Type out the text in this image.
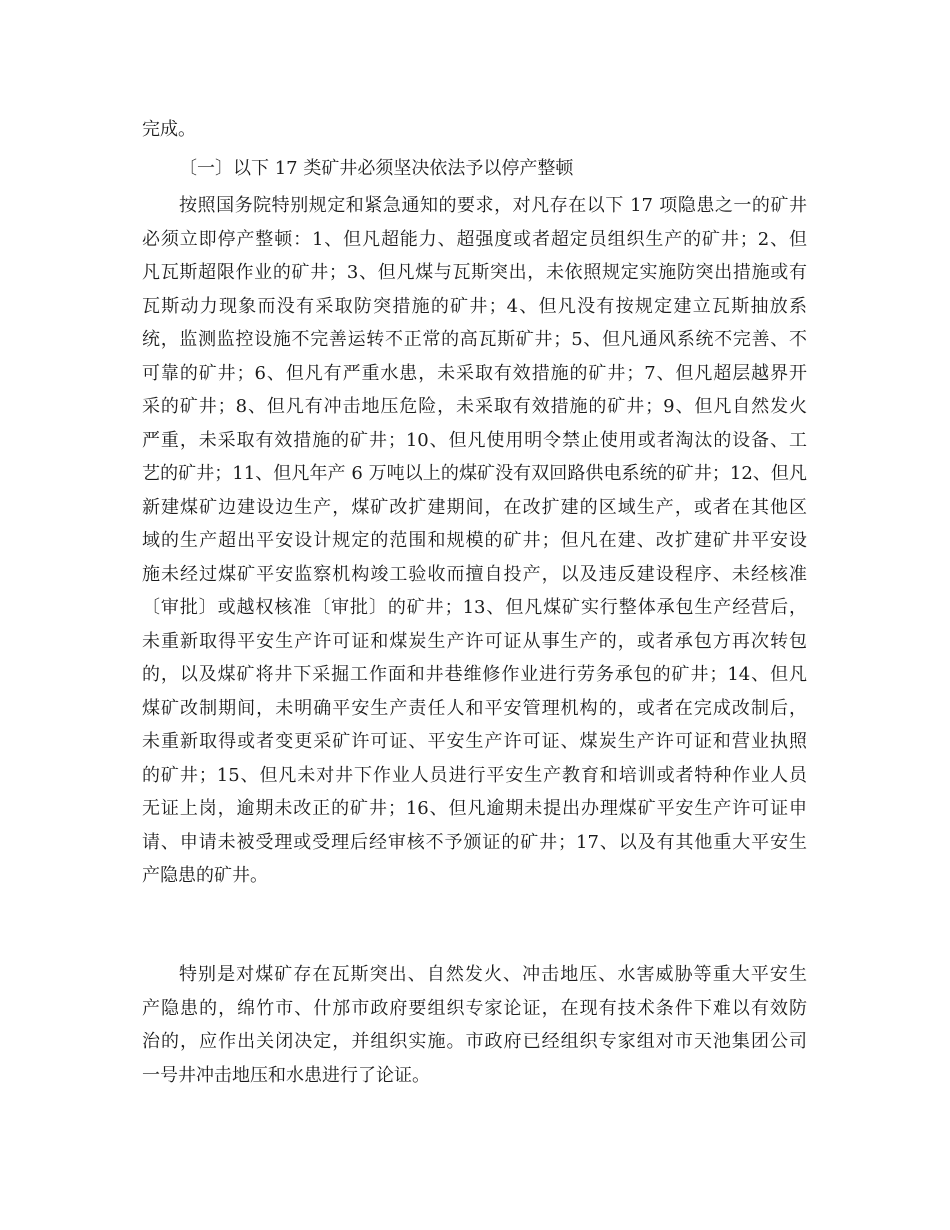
完成。
〔一〕以下 17 类矿井必须坚决依法予以停产整顿
按照国务院特别规定和紧急通知的要求，对凡存在以下 17 项隐患之一的矿井
必须立即停产整顿：1、但凡超能力、超强度或者超定员组织生产的矿井；2、但
凡瓦斯超限作业的矿井；3、但凡煤与瓦斯突出，未依照规定实施防突出措施或有
瓦斯动力现象而没有采取防突措施的矿井；4、但凡没有按规定建立瓦斯抽放系
统，监测监控设施不完善运转不正常的高瓦斯矿井；5、但凡通风系统不完善、不
可靠的矿井；6、但凡有严重水患，未采取有效措施的矿井；7、但凡超层越界开
采的矿井；8、但凡有冲击地压危险，未采取有效措施的矿井；9、但凡自然发火
严重，未采取有效措施的矿井；10、但凡使用明令禁止使用或者淘汰的设备、工
艺的矿井；11、但凡年产 6 万吨以上的煤矿没有双回路供电系统的矿井；12、但凡
新建煤矿边建设边生产，煤矿改扩建期间，在改扩建的区域生产，或者在其他区
域的生产超出平安设计规定的范围和规模的矿井；但凡在建、改扩建矿井平安设
施未经过煤矿平安监察机构竣工验收而擅自投产，以及违反建设程序、未经核准
〔审批〕或越权核准〔审批〕的矿井；13、但凡煤矿实行整体承包生产经营后，
未重新取得平安生产许可证和煤炭生产许可证从事生产的，或者承包方再次转包
的，以及煤矿将井下采掘工作面和井巷维修作业进行劳务承包的矿井；14、但凡
煤矿改制期间，未明确平安生产责任人和平安管理机构的，或者在完成改制后，
未重新取得或者变更采矿许可证、平安生产许可证、煤炭生产许可证和营业执照
的矿井；15、但凡未对井下作业人员进行平安生产教育和培训或者特种作业人员
无证上岗，逾期未改正的矿井；16、但凡逾期未提出办理煤矿平安生产许可证申
请、申请未被受理或受理后经审核不予颁证的矿井；17、以及有其他重大平安生
产隐患的矿井。
特别是对煤矿存在瓦斯突出、自然发火、冲击地压、水害威胁等重大平安生
产隐患的，绵竹市、什邡市政府要组织专家论证，在现有技术条件下难以有效防
治的，应作出关闭决定，并组织实施。市政府已经组织专家组对市天池集团公司
一号井冲击地压和水患进行了论证。
